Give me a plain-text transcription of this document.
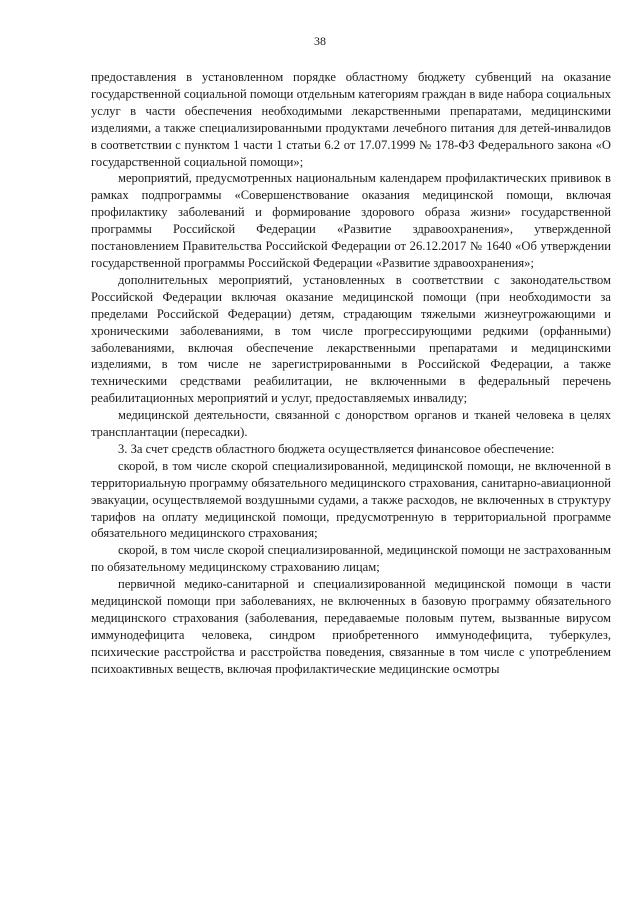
38

предоставления в установленном порядке областному бюджету субвенций на оказание государственной социальной помощи отдельным категориям граждан в виде набора социальных услуг в части обеспечения необходимыми лекарственными препаратами, медицинскими изделиями, а также специализированными продуктами лечебного питания для детей-инвалидов в соответствии с пунктом 1 части 1 статьи 6.2 от 17.07.1999 № 178-ФЗ Федерального закона «О государственной социальной помощи»;

мероприятий, предусмотренных национальным календарем профилактических прививок в рамках подпрограммы «Совершенствование оказания медицинской помощи, включая профилактику заболеваний и формирование здорового образа жизни» государственной программы Российской Федерации «Развитие здравоохранения», утвержденной постановлением Правительства Российской Федерации от 26.12.2017 № 1640 «Об утверждении государственной программы Российской Федерации «Развитие здравоохранения»;

дополнительных мероприятий, установленных в соответствии с законодательством Российской Федерации включая оказание медицинской помощи (при необходимости за пределами Российской Федерации) детям, страдающим тяжелыми жизнеугрожающими и хроническими заболеваниями, в том числе прогрессирующими редкими (орфанными) заболеваниями, включая обеспечение лекарственными препаратами и медицинскими изделиями, в том числе не зарегистрированными в Российской Федерации, а также техническими средствами реабилитации, не включенными в федеральный перечень реабилитационных мероприятий и услуг, предоставляемых инвалиду;

медицинской деятельности, связанной с донорством органов и тканей человека в целях трансплантации (пересадки).

3. За счет средств областного бюджета осуществляется финансовое обеспечение:

скорой, в том числе скорой специализированной, медицинской помощи, не включенной в территориальную программу обязательного медицинского страхования, санитарно-авиационной эвакуации, осуществляемой воздушными судами, а также расходов, не включенных в структуру тарифов на оплату медицинской помощи, предусмотренную в территориальной программе обязательного медицинского страхования;

скорой, в том числе скорой специализированной, медицинской помощи не застрахованным по обязательному медицинскому страхованию лицам;

первичной медико-санитарной и специализированной медицинской помощи в части медицинской помощи при заболеваниях, не включенных в базовую программу обязательного медицинского страхования (заболевания, передаваемые половым путем, вызванные вирусом иммунодефицита человека, синдром приобретенного иммунодефицита, туберкулез, психические расстройства и расстройства поведения, связанные в том числе с употреблением психоактивных веществ, включая профилактические медицинские осмотры
